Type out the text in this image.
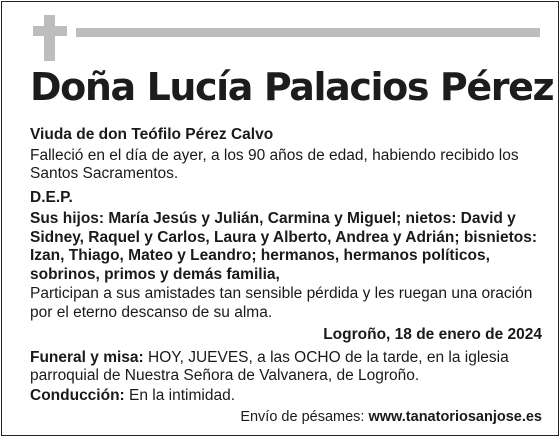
Doña Lucía Palacios Pérez

Viuda de don Teófilo Pérez Calvo

Falleció en el día de ayer, a los 90 años de edad, habiendo recibido los Santos Sacramentos.

D.E.P.

Sus hijos: María Jesús y Julián, Carmina y Miguel; nietos: David y Sidney, Raquel y Carlos, Laura y Alberto, Andrea y Adrián; bisnietos: Izan, Thiago, Mateo y Leandro; hermanos, hermanos políticos, sobrinos, primos y demás familia,

Participan a sus amistades tan sensible pérdida y les ruegan una oración por el eterno descanso de su alma.

Logroño, 18 de enero de 2024

Funeral y misa: HOY, JUEVES, a las OCHO de la tarde, en la iglesia parroquial de Nuestra Señora de Valvanera, de Logroño.

Conducción: En la intimidad.

Envío de pésames: www.tanatoriosanjose.es
